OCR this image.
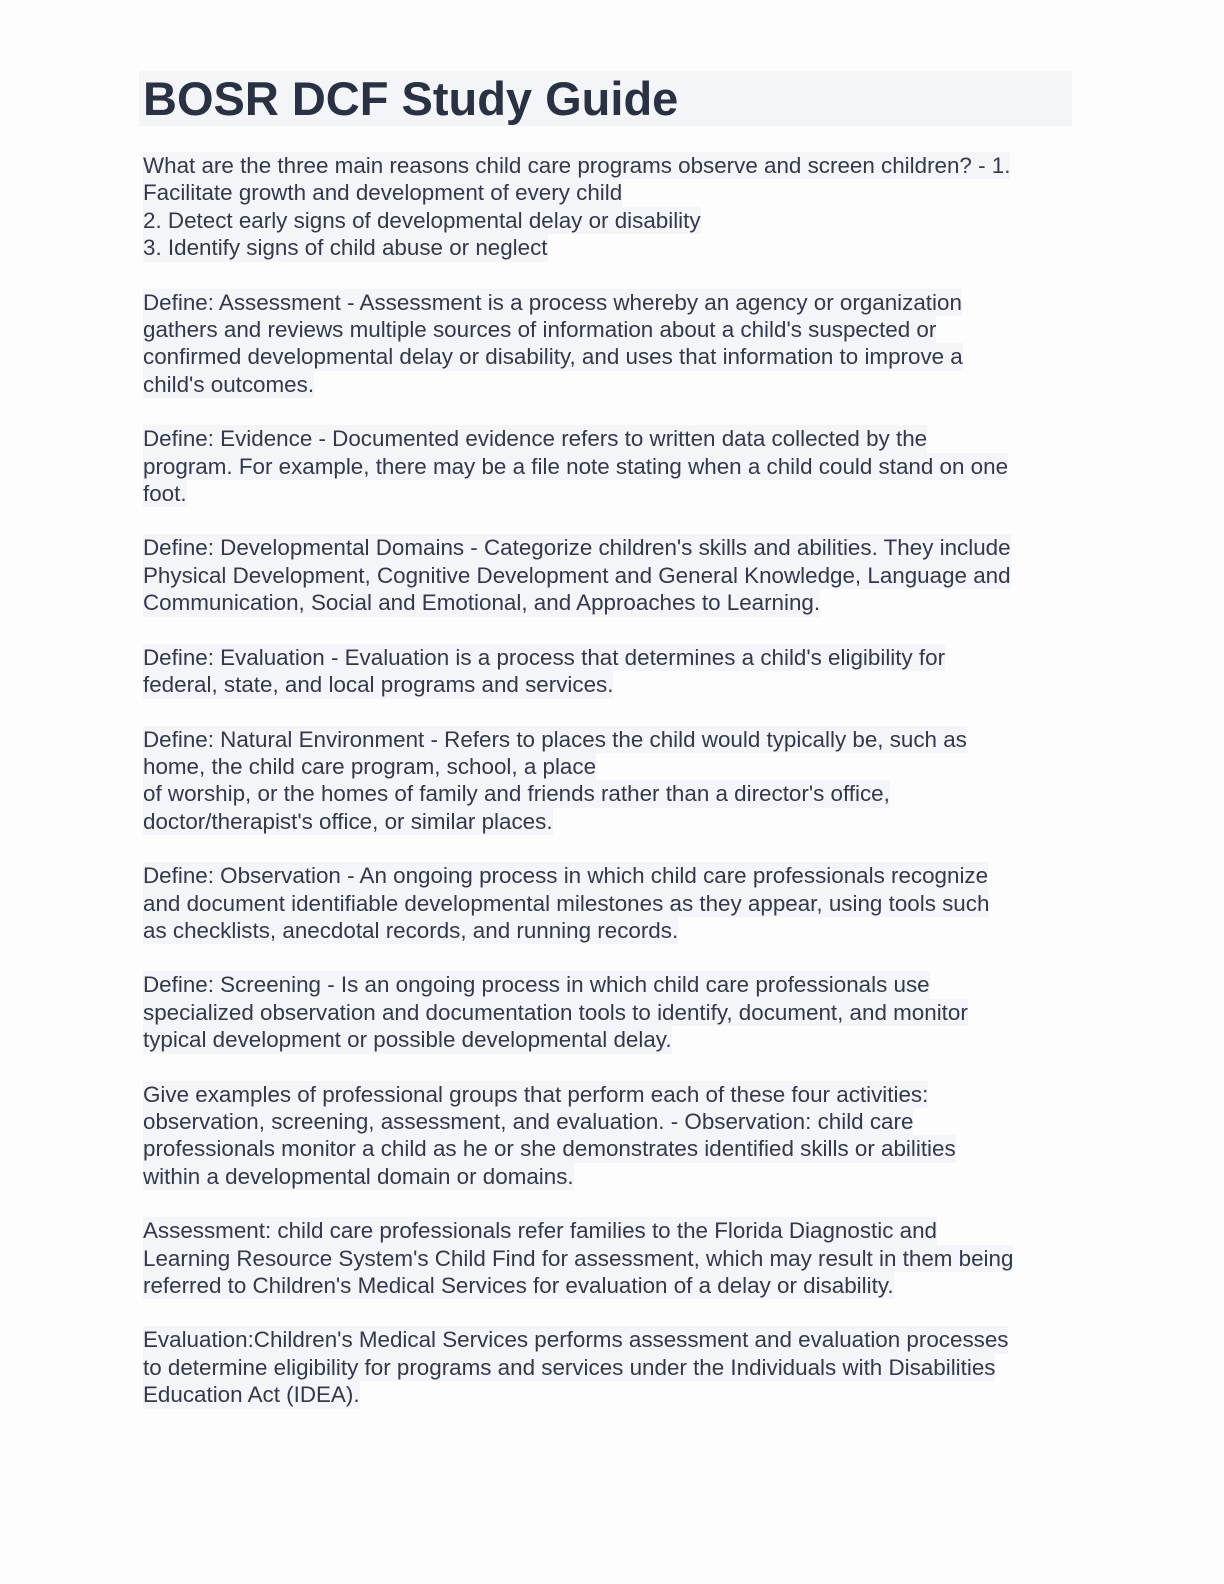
BOSR DCF Study Guide
What are the three main reasons child care programs observe and screen children? - 1.
Facilitate growth and development of every child
2. Detect early signs of developmental delay or disability
3. Identify signs of child abuse or neglect
Define: Assessment - Assessment is a process whereby an agency or organization
gathers and reviews multiple sources of information about a child's suspected or
confirmed developmental delay or disability, and uses that information to improve a
child's outcomes.
Define: Evidence - Documented evidence refers to written data collected by the
program. For example, there may be a file note stating when a child could stand on one
foot.
Define: Developmental Domains - Categorize children's skills and abilities. They include
Physical Development, Cognitive Development and General Knowledge, Language and
Communication, Social and Emotional, and Approaches to Learning.
Define: Evaluation - Evaluation is a process that determines a child's eligibility for
federal, state, and local programs and services.
Define: Natural Environment - Refers to places the child would typically be, such as
home, the child care program, school, a place
of worship, or the homes of family and friends rather than a director's office,
doctor/therapist's office, or similar places.
Define: Observation - An ongoing process in which child care professionals recognize
and document identifiable developmental milestones as they appear, using tools such
as checklists, anecdotal records, and running records.
Define: Screening - Is an ongoing process in which child care professionals use
specialized observation and documentation tools to identify, document, and monitor
typical development or possible developmental delay.
Give examples of professional groups that perform each of these four activities:
observation, screening, assessment, and evaluation. - Observation: child care
professionals monitor a child as he or she demonstrates identified skills or abilities
within a developmental domain or domains.
Assessment: child care professionals refer families to the Florida Diagnostic and
Learning Resource System's Child Find for assessment, which may result in them being
referred to Children's Medical Services for evaluation of a delay or disability.
Evaluation:Children's Medical Services performs assessment and evaluation processes
to determine eligibility for programs and services under the Individuals with Disabilities
Education Act (IDEA).
